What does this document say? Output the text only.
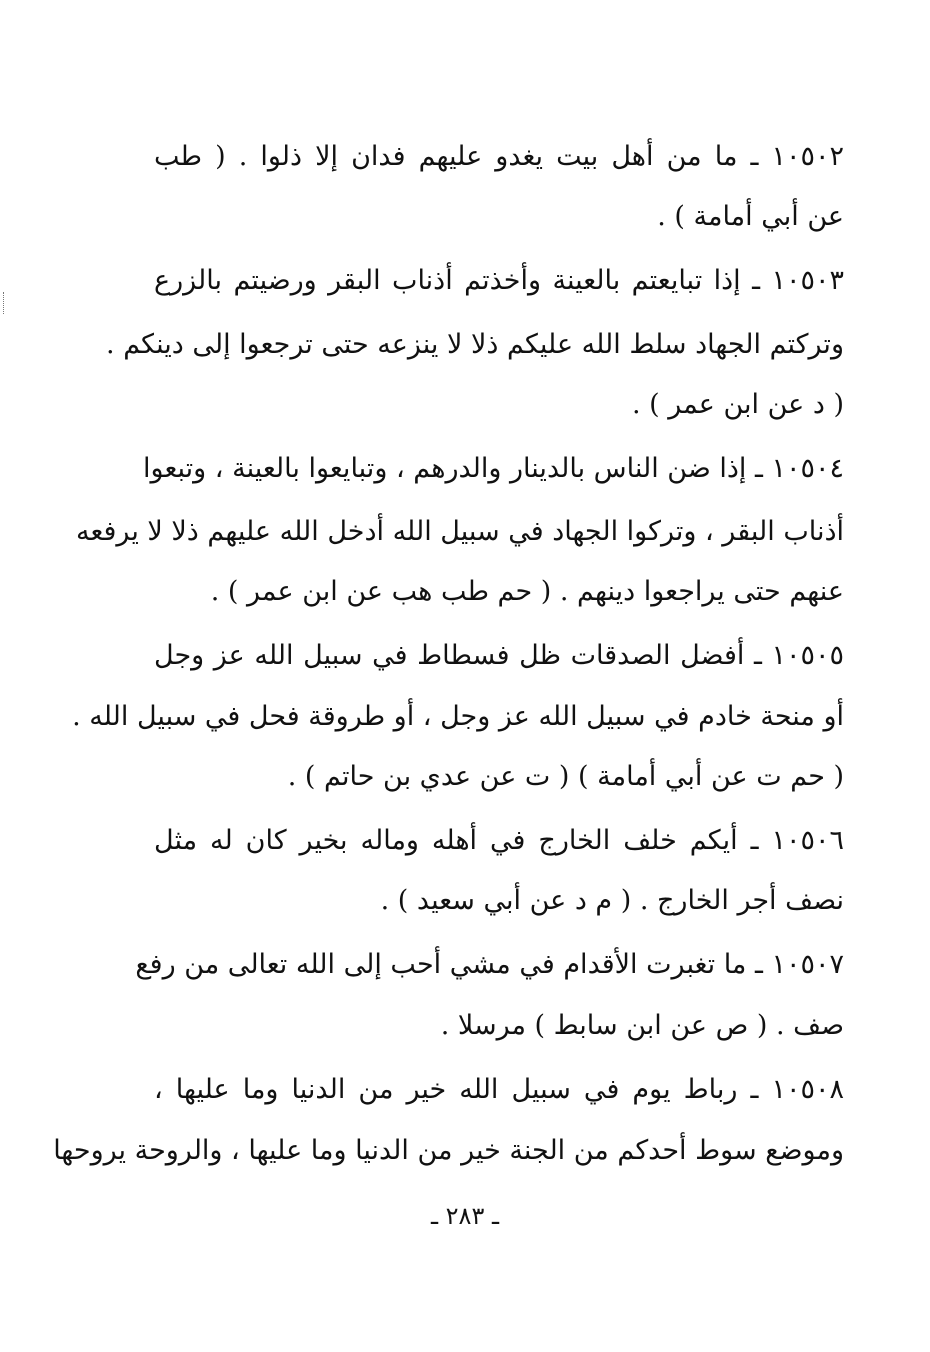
١٠٥٠٢ ـ ما من أهل بيت يغدو عليهم فدان إلا ذلوا . ( طب
عن أبي أمامة ) .
١٠٥٠٣ ـ إذا تبايعتم بالعينة وأخذتم أذناب البقر ورضيتم بالزرع
وتركتم الجهاد سلط الله عليكم ذلا لا ينزعه حتى ترجعوا إلى دينكم .
( د عن ابن عمر ) .
١٠٥٠٤ ـ إذا ضن الناس بالدينار والدرهم ، وتبايعوا بالعينة ، وتبعوا
أذناب البقر ، وتركوا الجهاد في سبيل الله أدخل الله عليهم ذلا لا يرفعه
عنهم حتى يراجعوا دينهم . ( حم طب هب عن ابن عمر ) .
١٠٥٠٥ ـ أفضل الصدقات ظل فسطاط في سبيل الله عز وجل
أو منحة خادم في سبيل الله عز وجل ، أو طروقة فحل في سبيل الله .
( حم ت عن أبي أمامة ) ( ت عن عدي بن حاتم ) .
١٠٥٠٦ ـ أيكم خلف الخارج في أهله وماله بخير كان له مثل
نصف أجر الخارج . ( م د عن أبي سعيد ) .
١٠٥٠٧ ـ ما تغبرت الأقدام في مشي أحب إلى الله تعالى من رفع
صف . ( ص عن ابن سابط ) مرسلا .
١٠٥٠٨ ـ رباط يوم في سبيل الله خير من الدنيا وما عليها ،
وموضع سوط أحدكم من الجنة خير من الدنيا وما عليها ، والروحة يروحها
ـ ٢٨٣ ـ
